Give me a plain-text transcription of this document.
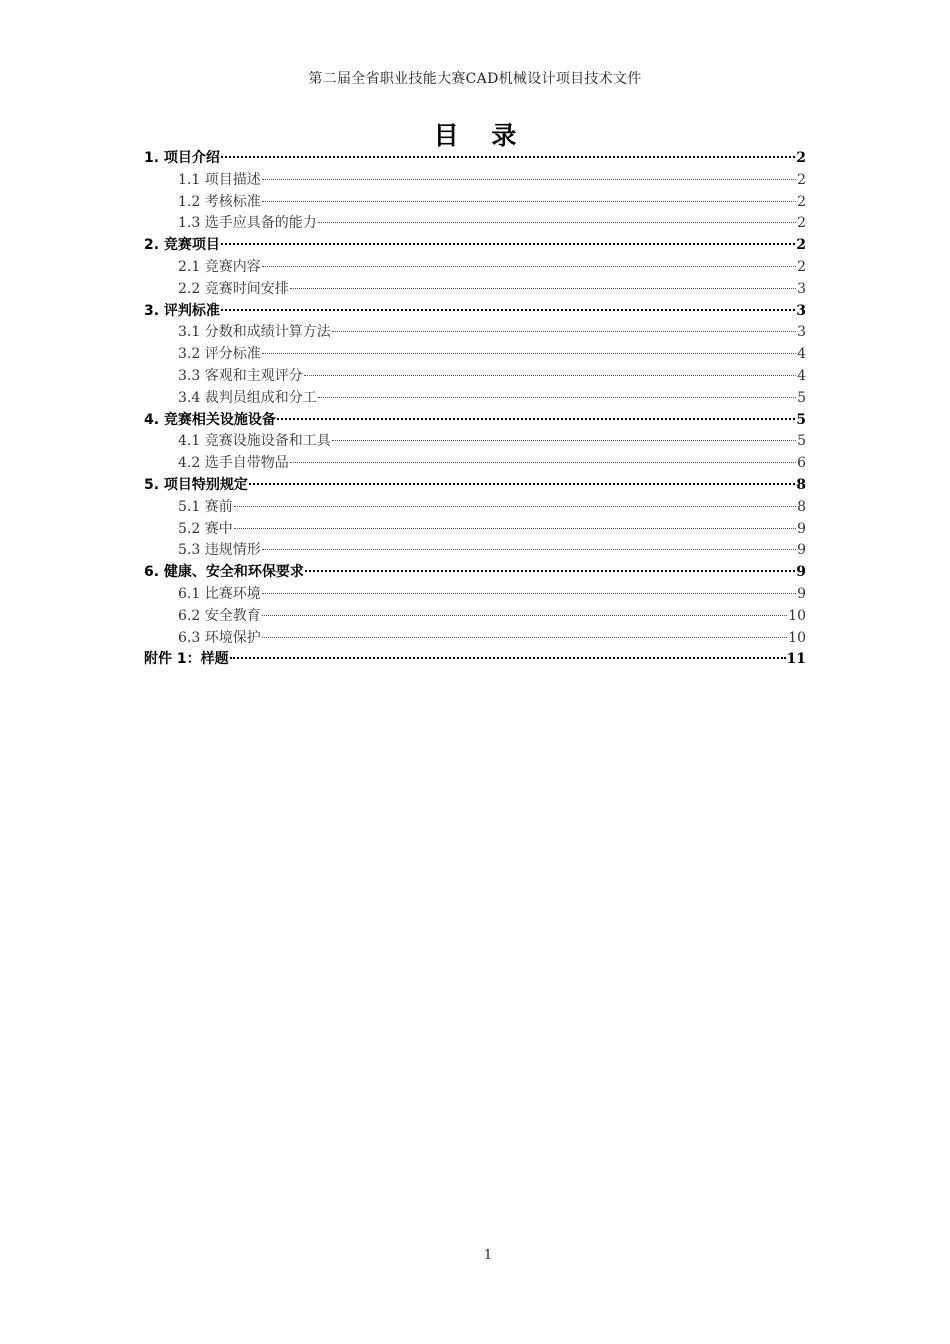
第二届全省职业技能大赛CAD机械设计项目技术文件
目 录
1. 项目介绍	2
1.1 项目描述	2
1.2 考核标准	2
1.3 选手应具备的能力	2
2. 竞赛项目	2
2.1 竞赛内容	2
2.2 竞赛时间安排	3
3. 评判标准	3
3.1 分数和成绩计算方法	3
3.2 评分标准	4
3.3 客观和主观评分	4
3.4 裁判员组成和分工	5
4. 竞赛相关设施设备	5
4.1 竞赛设施设备和工具	5
4.2 选手自带物品	6
5. 项目特别规定	8
5.1 赛前	8
5.2 赛中	9
5.3 违规情形	9
6. 健康、安全和环保要求	9
6.1 比赛环境	9
6.2 安全教育	10
6.3 环境保护	10
附件 1：样题	11
1
